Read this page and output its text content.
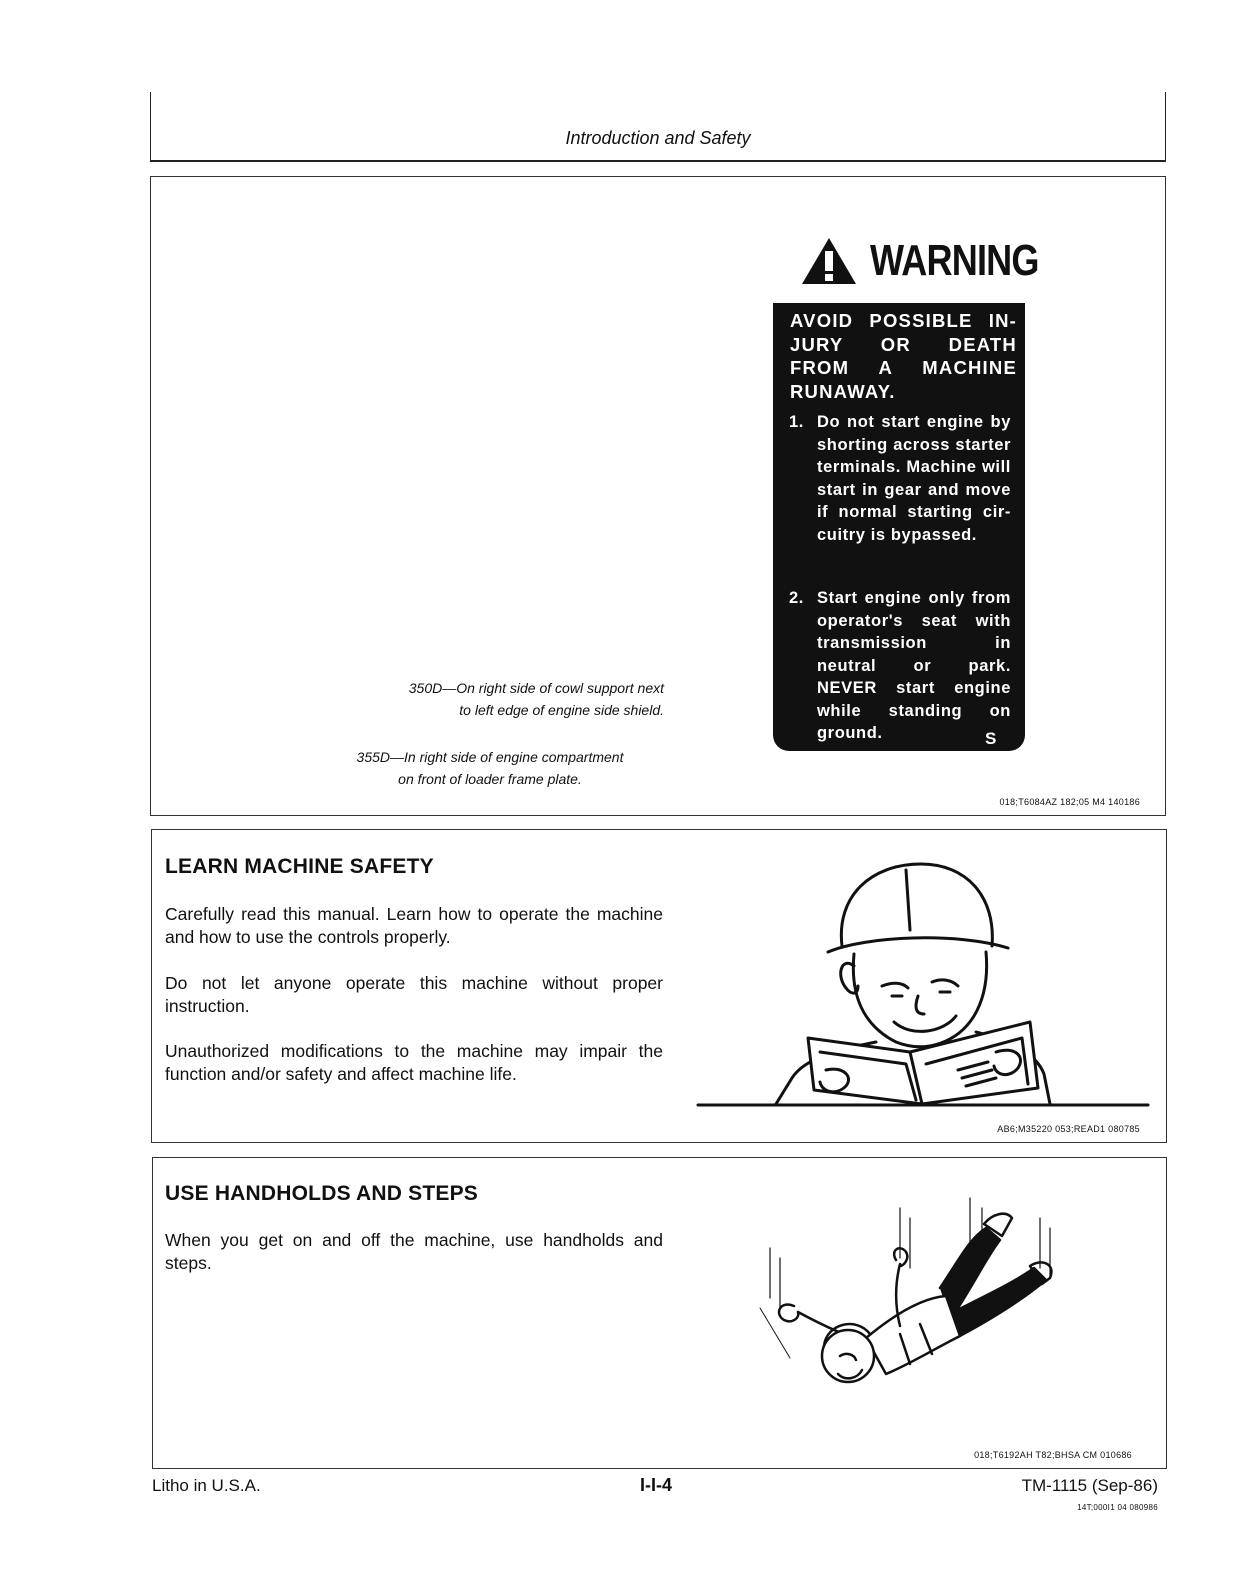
Introduction and Safety
WARNING
AVOID POSSIBLE IN- JURY OR DEATH FROM A MACHINE RUNAWAY.
1. Do not start engine by shorting across starter terminals. Machine will start in gear and move if normal starting cir- cuitry is bypassed.
2. Start engine only from operator's seat with transmission in neutral or park. NEVER start engine while standing on ground.	S
350D—On right side of cowl support next
to left edge of engine side shield.
355D—In right side of engine compartment
on front of loader frame plate.
018;T6084AZ 182;05 M4 140186
LEARN MACHINE SAFETY
Carefully read this manual. Learn how to operate the machine and how to use the controls properly.
Do not let anyone operate this machine without proper instruction.
Unauthorized modifications to the machine may impair the function and/or safety and affect machine life.
AB6;M35220 053;READ1 080785
USE HANDHOLDS AND STEPS
When you get on and off the machine, use handholds and steps.
018;T6192AH T82;BHSA CM 010686
Litho in U.S.A.	I-I-4	TM-1115 (Sep-86)
14T;000I1 04 080986
